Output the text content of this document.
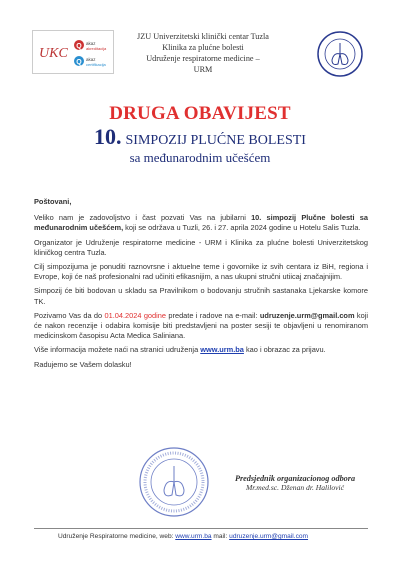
UKC Q
Q
akaz
akreditacija
akaz
certifikacija
JZU Univerzitetski klinički centar Tuzla
Klinika za plućne bolesti
Udruženje respiratorne medicine –
URM
DRUGA OBAVIJEST
10. SIMPOZIJ PLUĆNE BOLESTI
sa međunarodnim učešćem

Poštovani,

Veliko nam je zadovoljstvo i čast pozvati Vas na jubilarni 10. simpozij Plučne bolesti sa međunarodnim učešćem, koji se održava u Tuzli, 26. i 27. aprila 2024 godine u Hotelu Salis Tuzla.

Organizator je Udruženje respiratorne medicine - URM i Klinika za plućne bolesti Univerzitetskog kliničkog centra Tuzla.

Cilj simpozijuma je ponuditi raznovrsne i aktuelne teme i govornike iz svih centara iz BiH, regiona i Evrope, koji će naš profesionalni rad učiniti efikasnijim, a nas ukupni stručni utiicaj značajnijim.

Simpozij će biti bodovan u skladu sa Pravilnikom o bodovanju stručnih sastanaka Ljekarske komore TK.

Pozivamo Vas da do 01.04.2024 godine predate i radove na e-mail: udruzenje.urm@gmail.com koji će nakon recenzije i odabira komisije biti predstavljeni na poster sesiji te objavljeni u renomiranom medicinskom časopisu Acta Medica Saliniana.

Više informacija možete naći na stranici udruženja www.urm.ba kao i obrazac za prijavu.

Radujemo se Vašem dolasku!

Predsjednik organizacionog odbora
Mr.med.sc. Dženan dr. Halilović
Udruženje Respiratorne medicine, web: www.urm.ba mail: udruzenje.urm@gmail.com
